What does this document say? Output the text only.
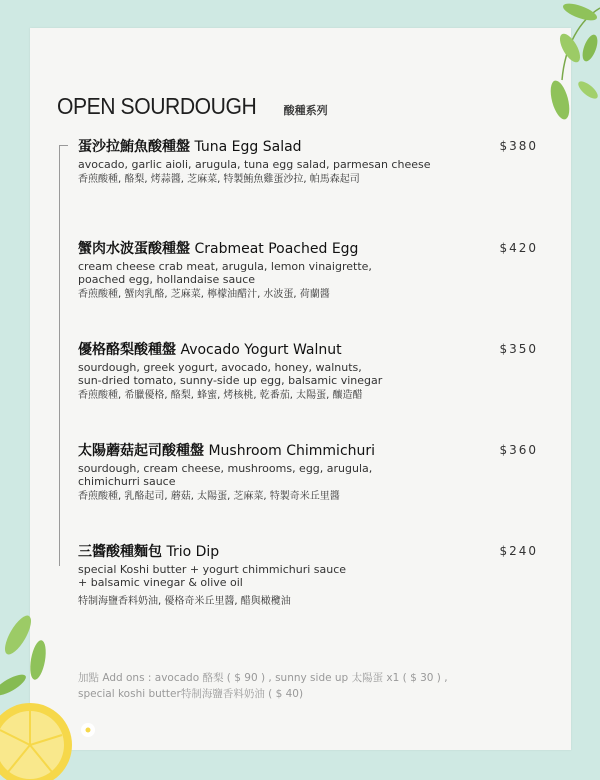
OPEN SOURDOUGH 酸種系列
蛋沙拉鮪魚酸種盤 Tuna Egg Salad
avocado, garlic aioli, arugula, tuna egg salad, parmesan cheese
香煎酸種, 酪梨, 烤蒜醬, 芝麻菜, 特製鮪魚雞蛋沙拉, 帕馬森起司
$380
蟹肉水波蛋酸種盤 Crabmeat Poached Egg
cream cheese crab meat, arugula, lemon vinaigrette,
poached egg, hollandaise sauce
香煎酸種, 蟹肉乳酪, 芝麻菜, 檸檬油醋汁, 水波蛋, 荷蘭醬
$420
優格酪梨酸種盤 Avocado Yogurt Walnut
sourdough, greek yogurt, avocado, honey, walnuts,
sun-dried tomato, sunny-side up egg, balsamic vinegar
香煎酸種, 希臘優格, 酪梨, 蜂蜜, 烤核桃, 乾番茄, 太陽蛋, 釀造醋
$350
太陽蘑菇起司酸種盤 Mushroom Chimmichuri
sourdough, cream cheese, mushrooms, egg, arugula,
chimichurri sauce
香煎酸種, 乳酪起司, 蘑菇, 太陽蛋, 芝麻菜, 特製奇米丘里醬
$360
三醬酸種麵包 Trio Dip
special Koshi butter + yogurt chimmichuri sauce
+ balsamic vinegar & olive oil
特制海鹽香料奶油, 優格奇米丘里醬, 醋與橄欖油
$240
加點 Add ons : avocado 酪梨 ( $ 90 ) , sunny side up 太陽蛋 x1 ( $ 30 ) ,
special koshi butter特制海鹽香料奶油 ( $ 40)
